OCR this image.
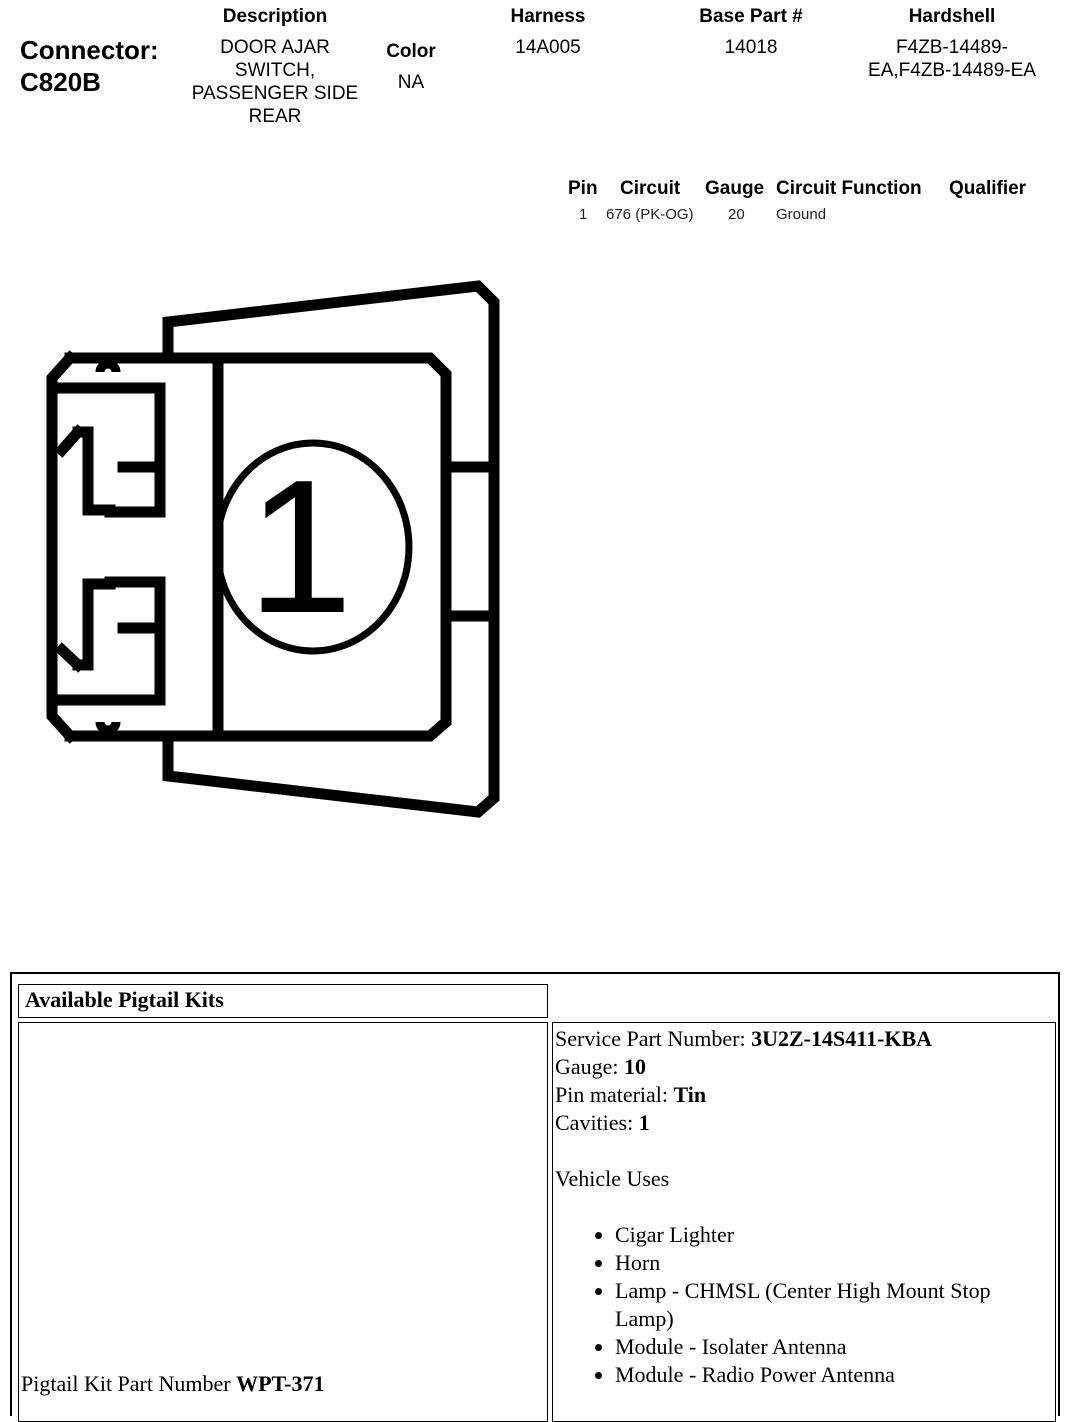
Connector:
C820B
Description
DOOR AJAR
SWITCH,
PASSENGER SIDE
REAR
Color
NA
Harness
14A005
Base Part #
14018
Hardshell
F4ZB-14489-
EA,F4ZB-14489-EA
Pin Circuit Gauge Circuit Function Qualifier
1 676 (PK-OG) 20 Ground
1
Available Pigtail Kits
Pigtail Kit Part Number WPT-371
Service Part Number: 3U2Z-14S411-KBA
Gauge: 10
Pin material: Tin
Cavities: 1
Vehicle Uses
• Cigar Lighter
• Horn
• Lamp - CHMSL (Center High Mount Stop Lamp)
• Module - Isolater Antenna
• Module - Radio Power Antenna
